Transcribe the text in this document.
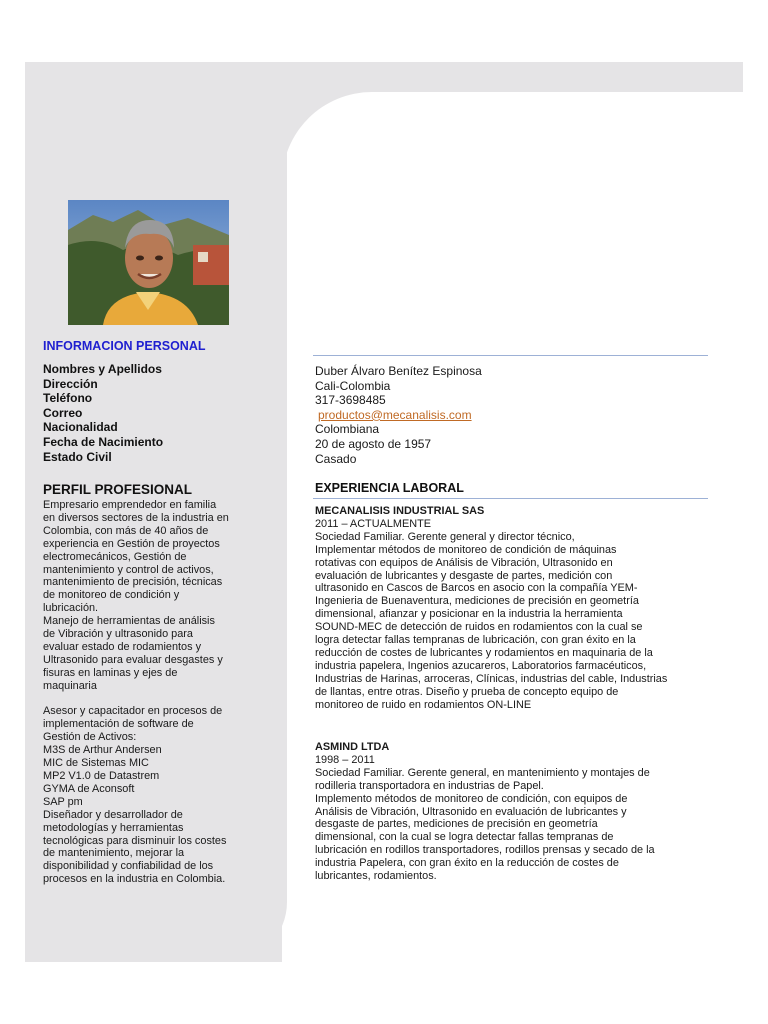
INFORMACION PERSONAL
Nombres y Apellidos
Dirección
Teléfono
Correo
Nacionalidad
Fecha de Nacimiento
Estado Civil
PERFIL PROFESIONAL

Empresario emprendedor en familia

en diversos sectores de la industria en

Colombia, con más de 40 años de

experiencia en Gestión de proyectos

electromecánicos, Gestión de

mantenimiento y control de activos,

mantenimiento de precisión, técnicas

de monitoreo de condición y

lubricación.

Manejo de herramientas de análisis

de Vibración y ultrasonido para

evaluar estado de rodamientos y

Ultrasonido para evaluar desgastes y

fisuras en laminas y ejes de

maquinaria

Asesor y capacitador en procesos de

implementación de software de

Gestión de Activos:

M3S de Arthur Andersen

MIC de Sistemas MIC

MP2 V1.0 de Datastrem

GYMA de Aconsoft

SAP pm

Diseñador y desarrollador de

metodologías y herramientas

tecnológicas para disminuir los costes

de mantenimiento, mejorar la

disponibilidad y confiabilidad de los

procesos en la industria en Colombia.

Duber Álvaro Benítez Espinosa
Cali-Colombia
317-3698485
productos@mecanalisis.com
Colombiana
20 de agosto de 1957
Casado
EXPERIENCIA LABORAL

MECANALISIS INDUSTRIAL SAS

2011 – ACTUALMENTE

Sociedad Familiar. Gerente general y director técnico,

Implementar métodos de monitoreo de condición de máquinas

rotativas con equipos de Análisis de Vibración, Ultrasonido en

evaluación de lubricantes y desgaste de partes, medición con

ultrasonido en Cascos de Barcos en asocio con la compañía YEM-

Ingenieria de Buenaventura, mediciones de precisión en geometría

dimensional, afianzar y posicionar en la industria la herramienta

SOUND-MEC de detección de ruidos en rodamientos con la cual se

logra detectar fallas tempranas de lubricación, con gran éxito en la

reducción de costes de lubricantes y rodamientos en maquinaria de la

industria papelera, Ingenios azucareros, Laboratorios farmacéuticos,

Industrias de Harinas, arroceras, Clínicas, industrias del cable, Industrias

de llantas, entre otras. Diseño y prueba de concepto equipo de

monitoreo de ruido en rodamientos ON-LINE

ASMIND LTDA

1998 – 2011

Sociedad Familiar. Gerente general, en mantenimiento y montajes de

rodilleria transportadora en industrias de Papel.

Implemento métodos de monitoreo de condición, con equipos de

Análisis de Vibración, Ultrasonido en evaluación de lubricantes y

desgaste de partes, mediciones de precisión en geometría

dimensional, con la cual se logra detectar fallas tempranas de

lubricación en rodillos transportadores, rodillos prensas y secado de la

industria Papelera, con gran éxito en la reducción de costes de

lubricantes, rodamientos.
